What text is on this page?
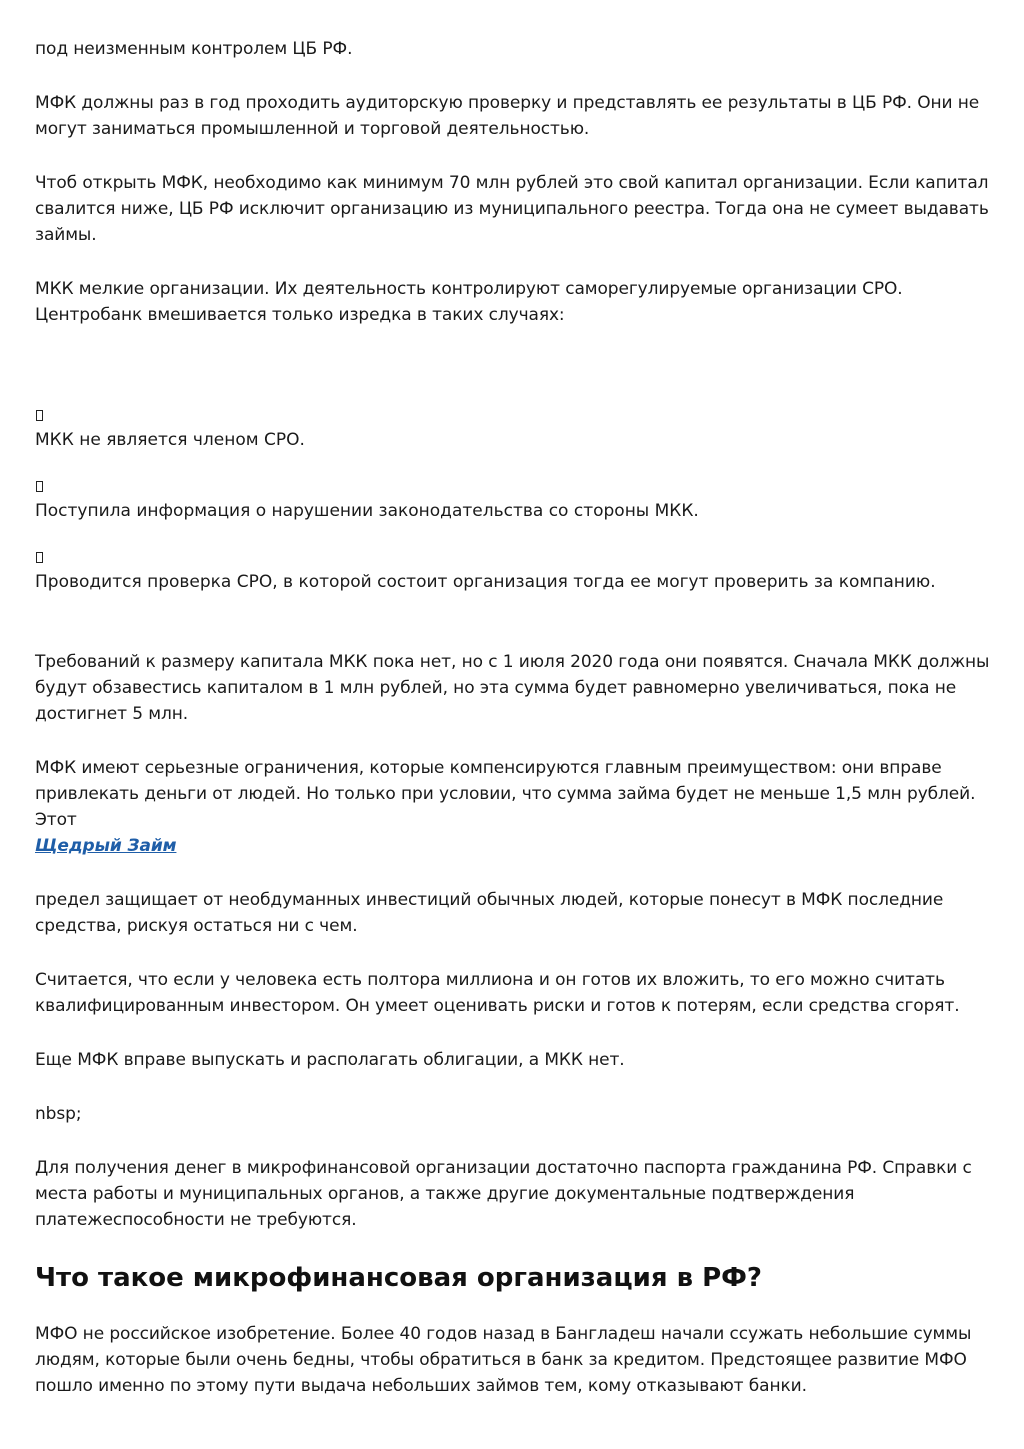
под неизменным контролем ЦБ РФ.

МФК должны раз в год проходить аудиторскую проверку и представлять ее результаты в ЦБ РФ. Они не могут заниматься промышленной и торговой деятельностью.

Чтоб открыть МФК, необходимо как минимум 70 млн рублей это свой капитал организации. Если капитал свалится ниже, ЦБ РФ исключит организацию из муниципального реестра. Тогда она не сумеет выдавать займы.

МКК мелкие организации. Их деятельность контролируют саморегулируемые организации СРО. Центробанк вмешивается только изредка в таких случаях:

МКК не является членом СРО.

Поступила информация о нарушении законодательства со стороны МКК.

Проводится проверка СРО, в которой состоит организация тогда ее могут проверить за компанию.

Требований к размеру капитала МКК пока нет, но с 1 июля 2020 года они появятся. Сначала МКК должны будут обзавестись капиталом в 1 млн рублей, но эта сумма будет равномерно увеличиваться, пока не достигнет 5 млн.

МФК имеют серьезные ограничения, которые компенсируются главным преимуществом: они вправе привлекать деньги от людей. Но только при условии, что сумма займа будет не меньше 1,5 млн рублей. Этот
Щедрый Займ

предел защищает от необдуманных инвестиций обычных людей, которые понесут в МФК последние средства, рискуя остаться ни с чем.

Считается, что если у человека есть полтора миллиона и он готов их вложить, то его можно считать квалифицированным инвестором. Он умеет оценивать риски и готов к потерям, если средства сгорят.

Еще МФК вправе выпускать и располагать облигации, а МКК нет.

nbsp;

Для получения денег в микрофинансовой организации достаточно паспорта гражданина РФ. Справки с места работы и муниципальных органов, а также другие документальные подтверждения платежеспособности не требуются.

Что такое микрофинансовая организация в РФ?

МФО не российское изобретение. Более 40 годов назад в Бангладеш начали ссужать небольшие суммы людям, которые были очень бедны, чтобы обратиться в банк за кредитом. Предстоящее развитие МФО пошло именно по этому пути выдача небольших займов тем, кому отказывают банки.
